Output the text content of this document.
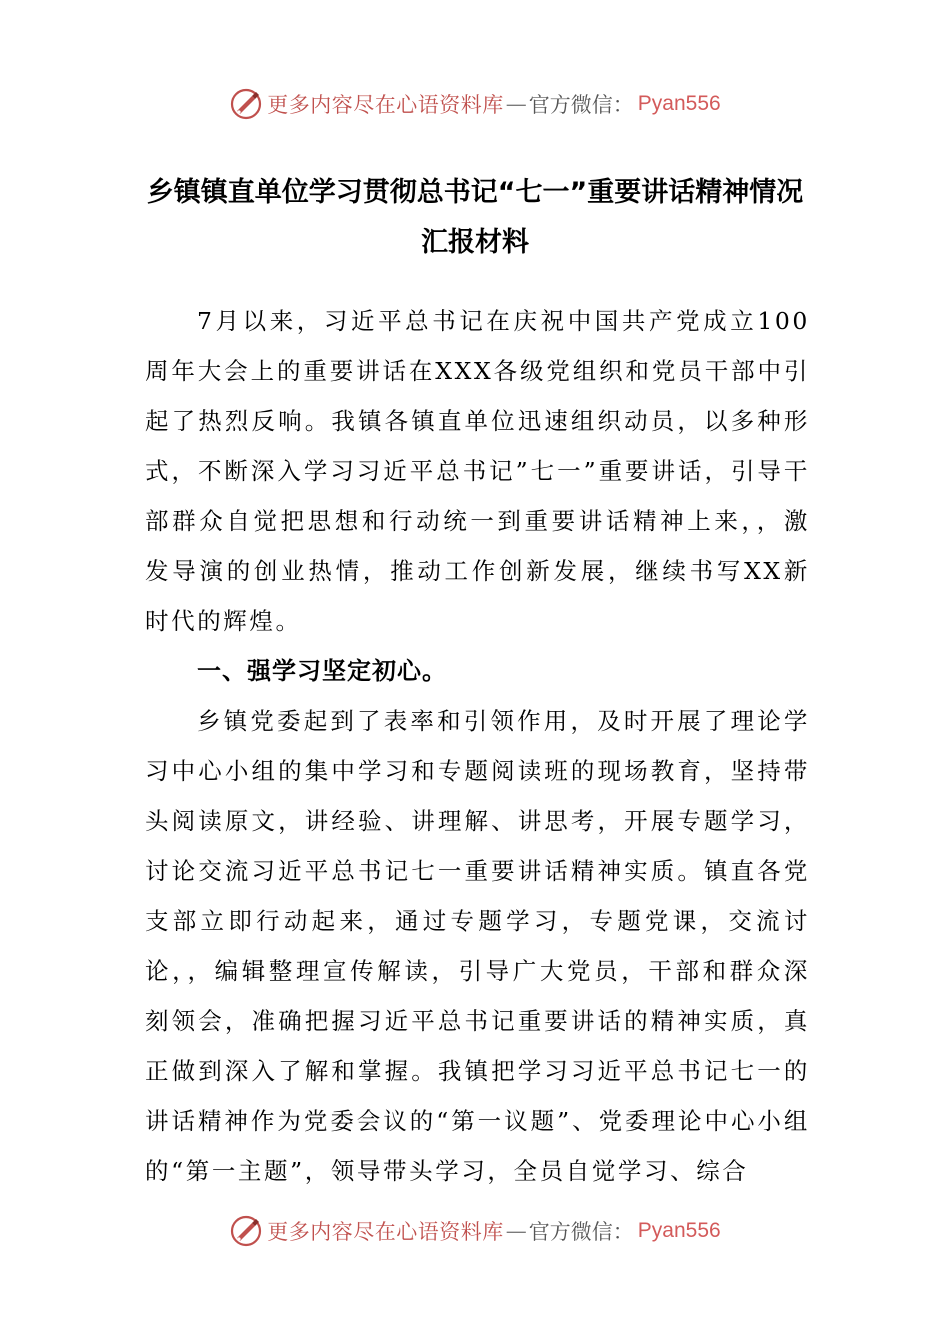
更多内容尽在心语资料库 — 官方微信： Pyan556
乡镇镇直单位学习贯彻总书记“七一”重要讲话精神情况
汇报材料

7月以来，习近平总书记在庆祝中国共产党成立100周年大会上的重要讲话在XXX各级党组织和党员干部中引起了热烈反响。我镇各镇直单位迅速组织动员，以多种形式，不断深入学习习近平总书记”七一”重要讲话，引导干部群众自觉把思想和行动统一到重要讲话精神上来，，激发导演的创业热情，推动工作创新发展，继续书写XX新时代的辉煌。

一、强学习坚定初心。

乡镇党委起到了表率和引领作用，及时开展了理论学习中心小组的集中学习和专题阅读班的现场教育，坚持带头阅读原文，讲经验、讲理解、讲思考，开展专题学习，讨论交流习近平总书记七一重要讲话精神实质。镇直各党支部立即行动起来，通过专题学习，专题党课，交流讨论，，编辑整理宣传解读，引导广大党员，干部和群众深刻领会，准确把握习近平总书记重要讲话的精神实质，真正做到深入了解和掌握。我镇把学习习近平总书记七一的讲话精神作为党委会议的“第一议题”、党委理论中心小组的“第一主题”，领导带头学习，全员自觉学习、综合

更多内容尽在心语资料库 — 官方微信： Pyan556
